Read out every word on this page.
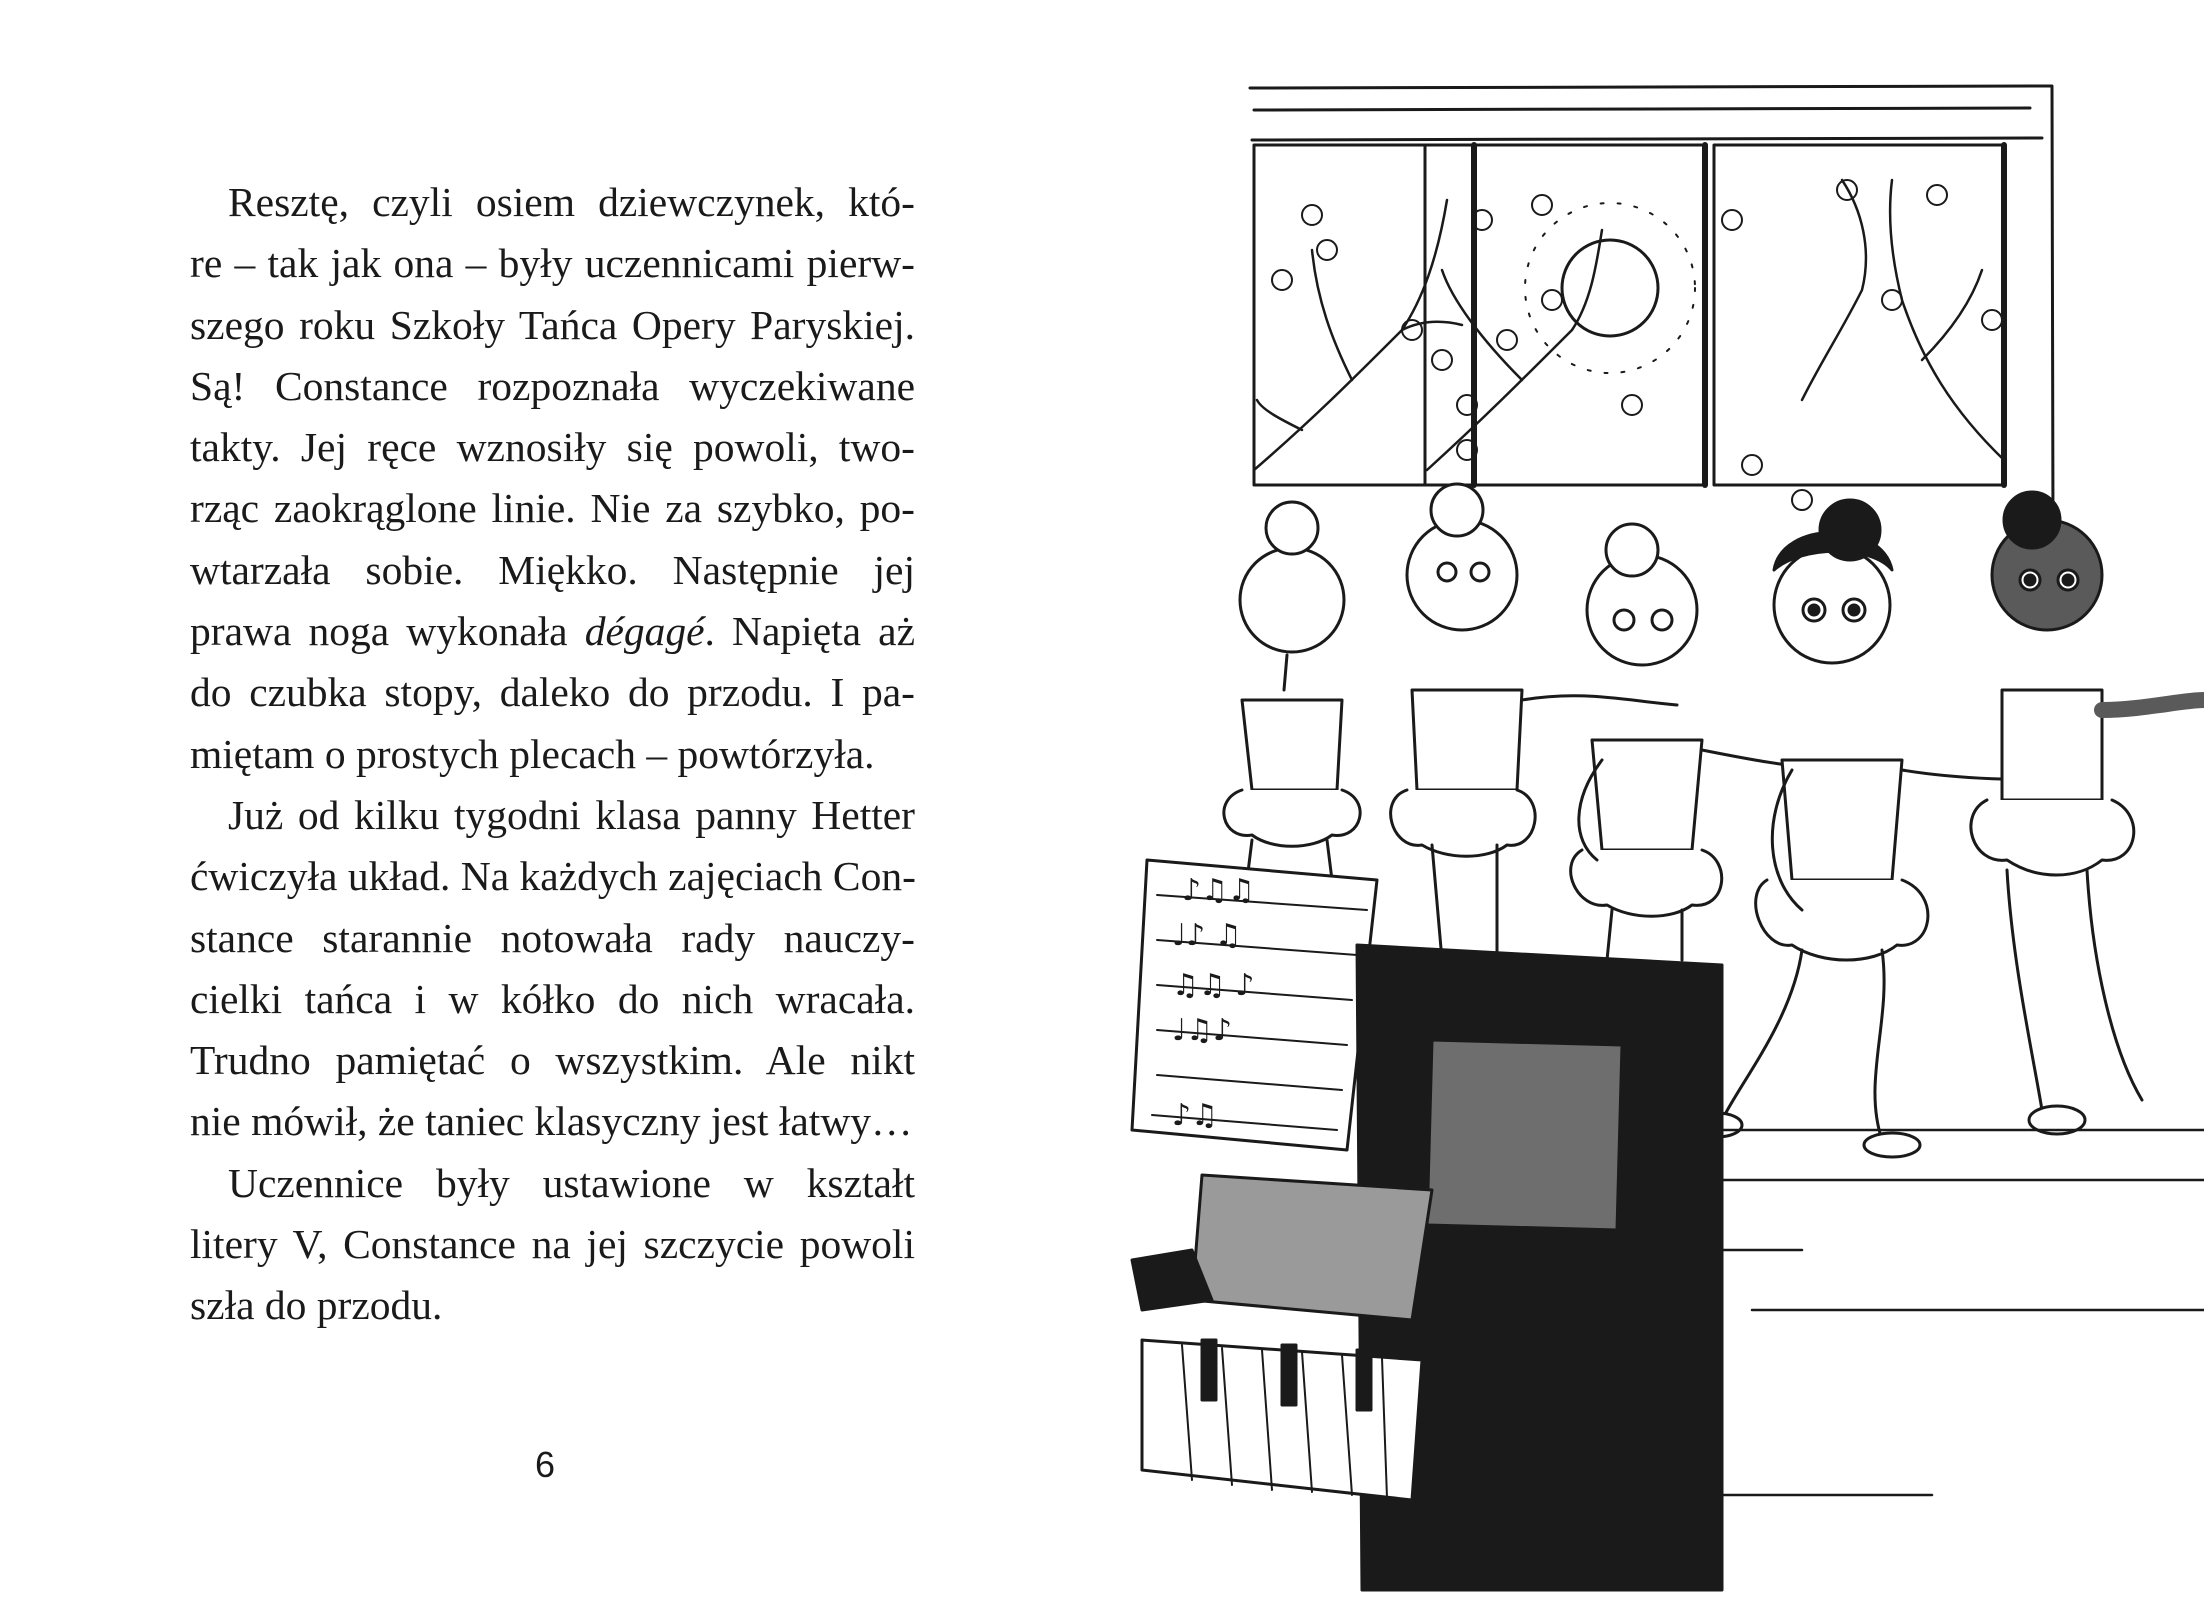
Resztę, czyli osiem dziewczynek, któ-
re – tak jak ona – były uczennicami pierw-
szego roku Szkoły Tańca Opery Paryskiej.
Są! Constance rozpoznała wyczekiwane
takty. Jej ręce wznosiły się powoli, two-
rząc zaokrąglone linie. Nie za szybko, po-
wtarzała sobie. Miękko. Następnie jej
prawa noga wykonała dégagé. Napięta aż
do czubka stopy, daleko do przodu. I pa-
miętam o prostych plecach – powtórzyła.

Już od kilku tygodni klasa panny Hetter
ćwiczyła układ. Na każdych zajęciach Con-
stance starannie notowała rady nauczy-
cielki tańca i w kółko do nich wracała.
Trudno pamiętać o wszystkim. Ale nikt
nie mówił, że taniec klasyczny jest łatwy…

Uczennice były ustawione w kształt
litery V, Constance na jej szczycie powoli
szła do przodu.

6
♪♫♫
♩♪ ♫
♫♫ ♪
♩♫♪
♪♫
